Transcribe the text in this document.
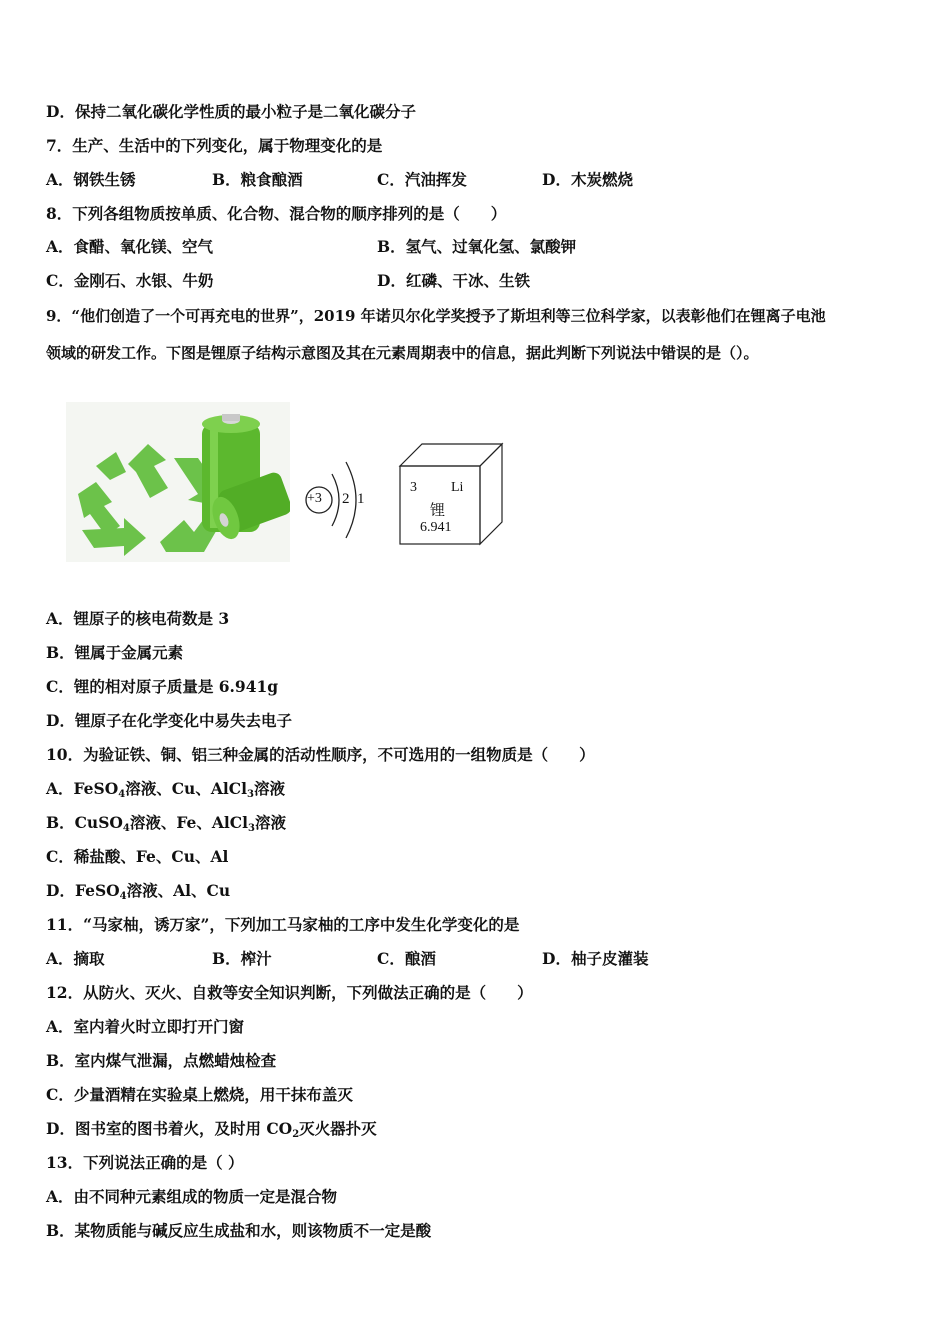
D．保持二氧化碳化学性质的最小粒子是二氧化碳分子
7．生产、生活中的下列变化，属于物理变化的是
A．钢铁生锈	B．粮食酿酒	C．汽油挥发	D．木炭燃烧
8．下列各组物质按单质、化合物、混合物的顺序排列的是（　　）
A．食醋、氧化镁、空气	B．氢气、过氧化氢、氯酸钾
C．金刚石、水银、牛奶	D．红磷、干冰、生铁
9．“他们创造了一个可再充电的世界”，2019 年诺贝尔化学奖授予了斯坦利等三位科学家，以表彰他们在锂离子电池
领域的研发工作。下图是锂原子结构示意图及其在元素周期表中的信息，据此判断下列说法中错误的是（）。
+3 2 1
3 Li
锂
6.941
A．锂原子的核电荷数是 3
B．锂属于金属元素
C．锂的相对原子质量是 6.941g
D．锂原子在化学变化中易失去电子
10．为验证铁、铜、铝三种金属的活动性顺序，不可选用的一组物质是（　　）
A．FeSO$_4$溶液、Cu、AlCl$_3$溶液
B．CuSO$_4$溶液、Fe、AlCl$_3$溶液
C．稀盐酸、Fe、Cu、Al
D．FeSO$_4$溶液、Al、Cu
11．“马家柚，诱万家”，下列加工马家柚的工序中发生化学变化的是
A．摘取	B．榨汁	C．酿酒	D．柚子皮灌装
12．从防火、灭火、自救等安全知识判断，下列做法正确的是（　　）
A．室内着火时立即打开门窗
B．室内煤气泄漏，点燃蜡烛检查
C．少量酒精在实验桌上燃烧，用干抹布盖灭
D．图书室的图书着火，及时用 $CO_2$灭火器扑灭
13．下列说法正确的是（ ）
A．由不同种元素组成的物质一定是混合物
B．某物质能与碱反应生成盐和水，则该物质不一定是酸
